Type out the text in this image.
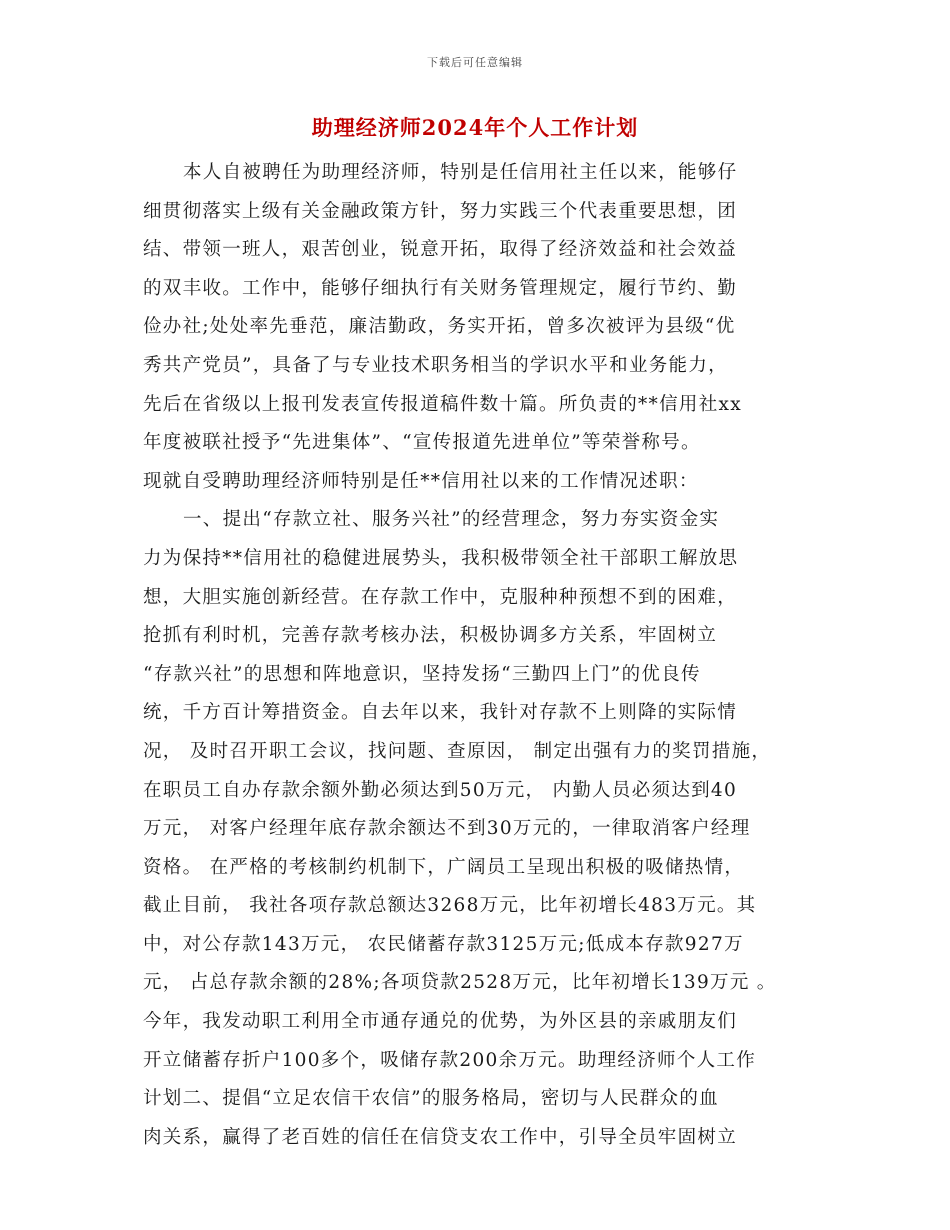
下载后可任意编辑
助理经济师2024年个人工作计划
本人自被聘任为助理经济师，特别是任信用社主任以来，能够仔
细贯彻落实上级有关金融政策方针，努力实践三个代表重要思想，团
结、带领一班人，艰苦创业，锐意开拓，取得了经济效益和社会效益
的双丰收。工作中，能够仔细执行有关财务管理规定，履行节约、勤
俭办社;处处率先垂范，廉洁勤政，务实开拓，曾多次被评为县级“优
秀共产党员”，具备了与专业技术职务相当的学识水平和业务能力，
先后在省级以上报刊发表宣传报道稿件数十篇。所负责的**信用社xx
年度被联社授予“先进集体”、“宣传报道先进单位”等荣誉称号。
现就自受聘助理经济师特别是任**信用社以来的工作情况述职：
一、提出“存款立社、服务兴社”的经营理念，努力夯实资金实
力为保持**信用社的稳健进展势头，我积极带领全社干部职工解放思
想，大胆实施创新经营。在存款工作中，克服种种预想不到的困难，
抢抓有利时机，完善存款考核办法，积极协调多方关系，牢固树立
“存款兴社”的思想和阵地意识，坚持发扬“三勤四上门”的优良传
统，千方百计筹措资金。自去年以来，我针对存款不上则降的实际情
况， 及时召开职工会议，找问题、查原因， 制定出强有力的奖罚措施，
在职员工自办存款余额外勤必须达到50万元， 内勤人员必须达到40
万元， 对客户经理年底存款余额达不到30万元的，一律取消客户经理
资格。 在严格的考核制约机制下，广阔员工呈现出积极的吸储热情，
截止目前， 我社各项存款总额达3268万元，比年初增长483万元。其
中，对公存款143万元， 农民储蓄存款3125万元;低成本存款927万
元， 占总存款余额的28%;各项贷款2528万元，比年初增长139万元 。
今年，我发动职工利用全市通存通兑的优势，为外区县的亲戚朋友们
开立储蓄存折户100多个，吸储存款200余万元。助理经济师个人工作
计划二、提倡“立足农信干农信”的服务格局，密切与人民群众的血
肉关系，赢得了老百姓的信任在信贷支农工作中，引导全员牢固树立
